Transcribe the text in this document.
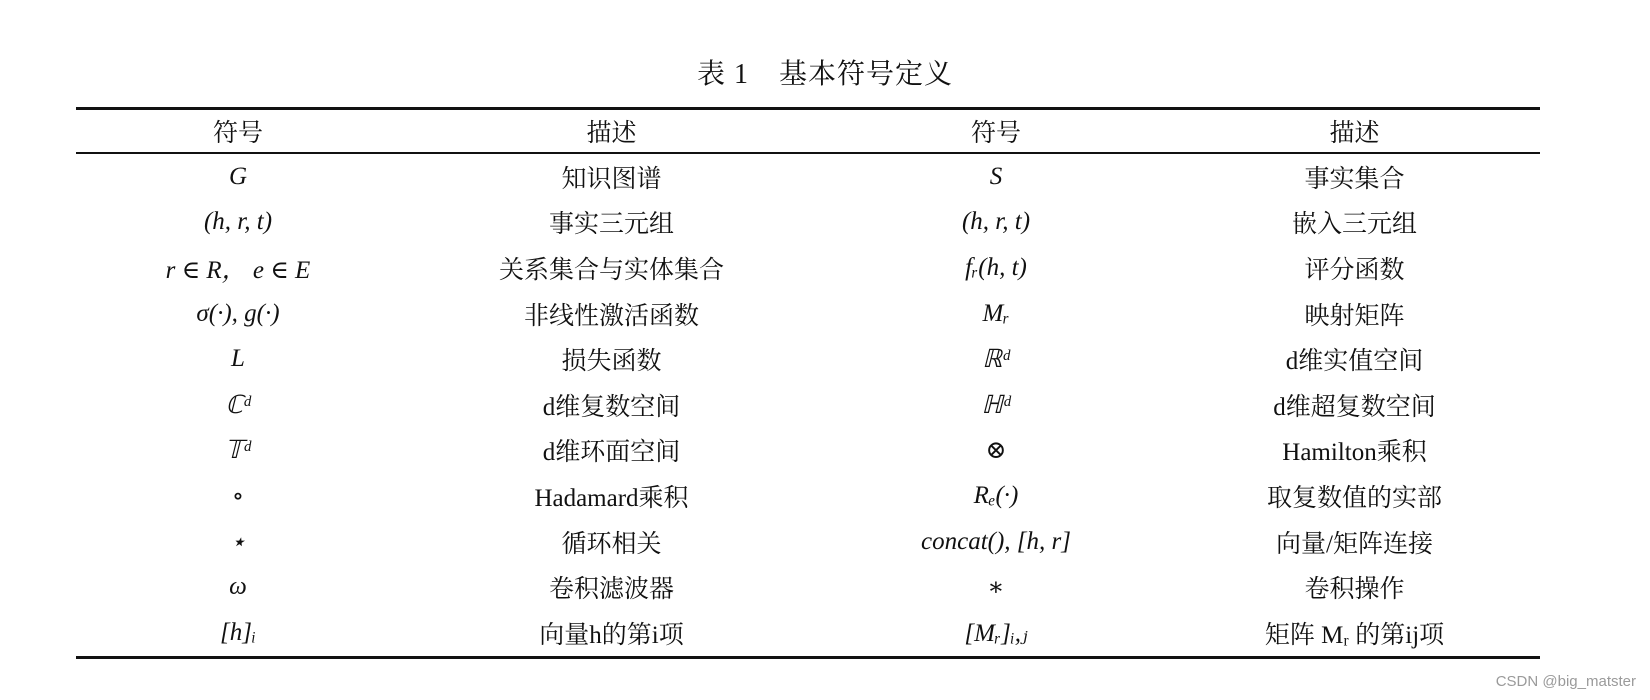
表 1 基本符号定义
符号	描述	符号	描述
G	知识图谱	S	事实集合
(h, r, t)	事实三元组	(h, r, t)	嵌入三元组
r ∈ R， e ∈ E	关系集合与实体集合	fᵣ(h, t)	评分函数
σ(·), g(·)	非线性激活函数	Mᵣ	映射矩阵
L	损失函数	ℝᵈ	d维实值空间
ℂᵈ	d维复数空间	ℍᵈ	d维超复数空间
𝕋ᵈ	d维环面空间	⊗	Hamilton乘积
∘	Hadamard乘积	Rₑ(·)	取复数值的实部
⋆	循环相关	concat(), [h, r]	向量/矩阵连接
ω	卷积滤波器	∗	卷积操作
[h]ᵢ	向量h的第i项	[Mᵣ]ᵢ,ⱼ	矩阵 Mᵣ 的第ij项
CSDN @big_matster
